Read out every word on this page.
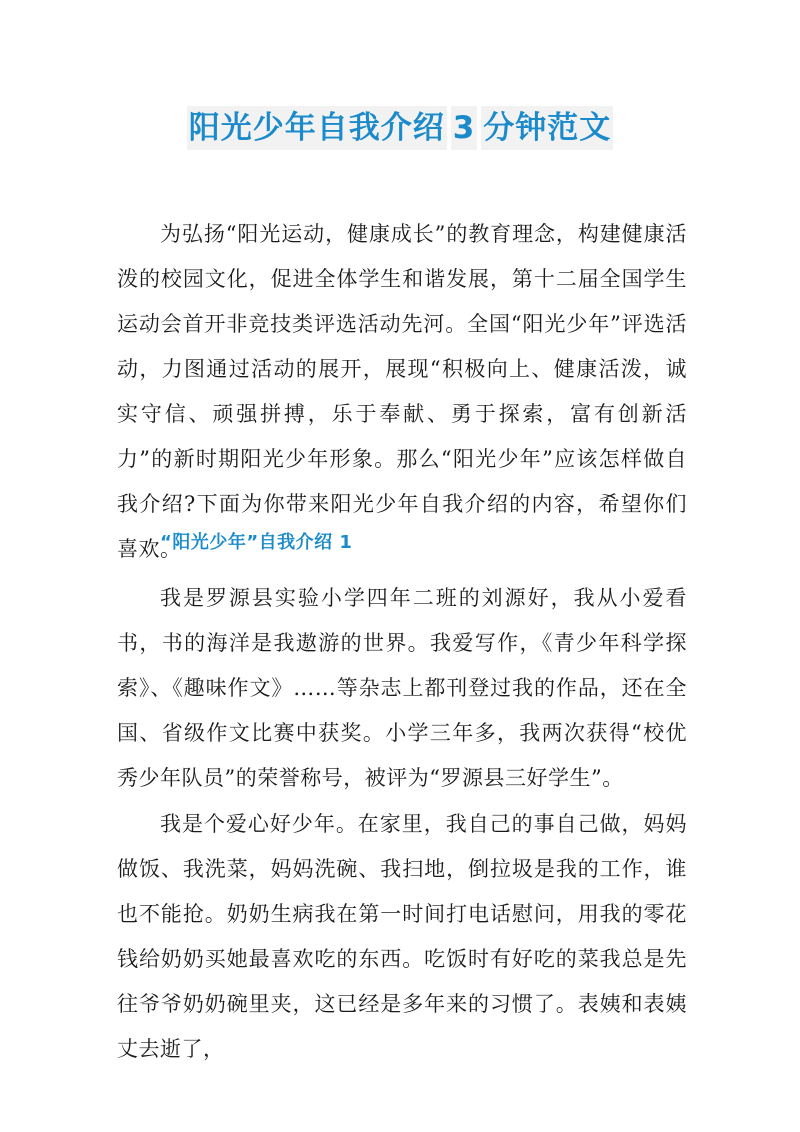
阳光少年自我介绍 3 分钟范文

为弘扬“阳光运动，健康成长”的教育理念，构建健康活泼的校园文化，促进全体学生和谐发展，第十二届全国学生运动会首开非竞技类评选活动先河。全国“阳光少年”评选活动，力图通过活动的展开，展现“积极向上、健康活泼，诚实守信、顽强拼搏，乐于奉献、勇于探索，富有创新活力”的新时期阳光少年形象。那么“阳光少年”应该怎样做自我介绍?下面为你带来阳光少年自我介绍的内容，希望你们喜欢。

“阳光少年”自我介绍 1

我是罗源县实验小学四年二班的刘源好，我从小爱看书，书的海洋是我遨游的世界。我爱写作，《青少年科学探索》、《趣味作文》……等杂志上都刊登过我的作品，还在全国、省级作文比赛中获奖。小学三年多，我两次获得“校优秀少年队员”的荣誉称号，被评为“罗源县三好学生”。

我是个爱心好少年。在家里，我自己的事自己做，妈妈做饭、我洗菜，妈妈洗碗、我扫地，倒拉圾是我的工作，谁也不能抢。奶奶生病我在第一时间打电话慰问，用我的零花钱给奶奶买她最喜欢吃的东西。吃饭时有好吃的菜我总是先往爷爷奶奶碗里夹，这已经是多年来的习惯了。表姨和表姨丈去逝了，
